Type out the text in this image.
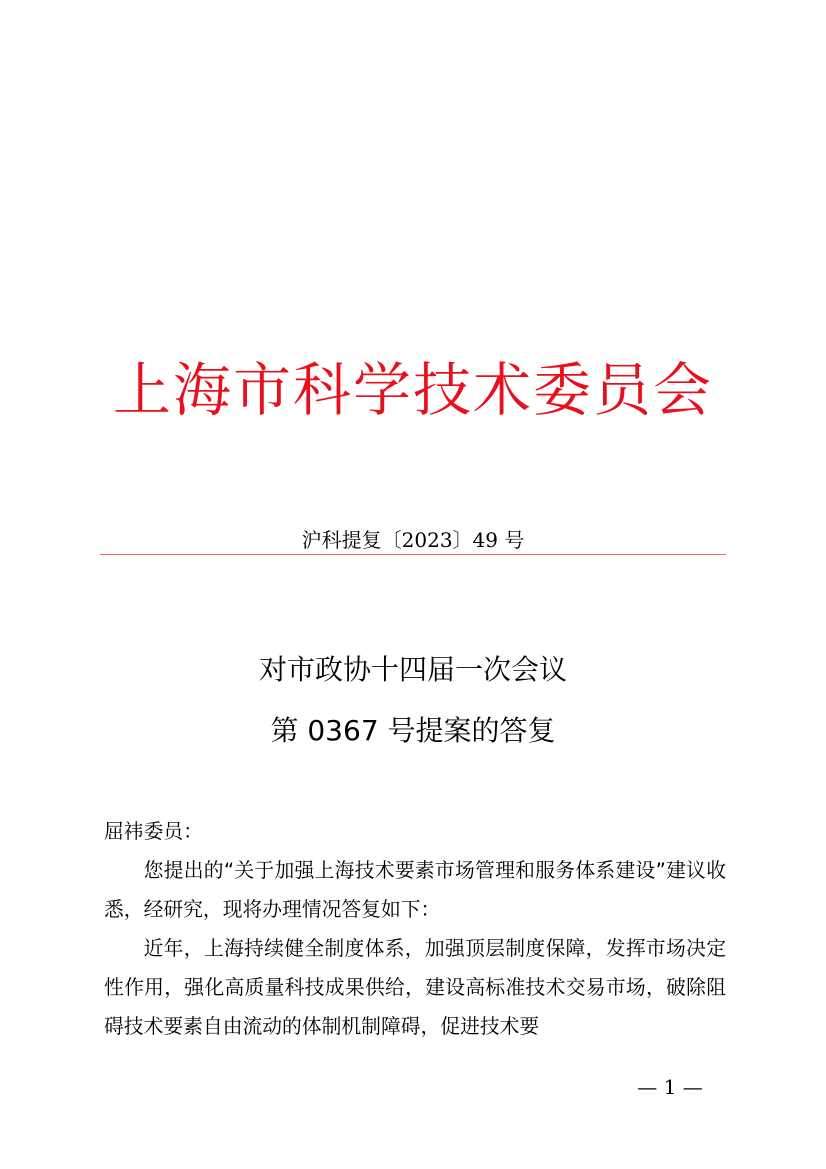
上海市科学技术委员会
沪科提复〔2023〕49 号
对市政协十四届一次会议
第 0367 号提案的答复
屈祎委员：

您提出的“关于加强上海技术要素市场管理和服务体系建设”建议收悉，经研究，现将办理情况答复如下：

近年，上海持续健全制度体系，加强顶层制度保障，发挥市场决定性作用，强化高质量科技成果供给，建设高标准技术交易市场，破除阻碍技术要素自由流动的体制机制障碍，促进技术要

— 1 —
